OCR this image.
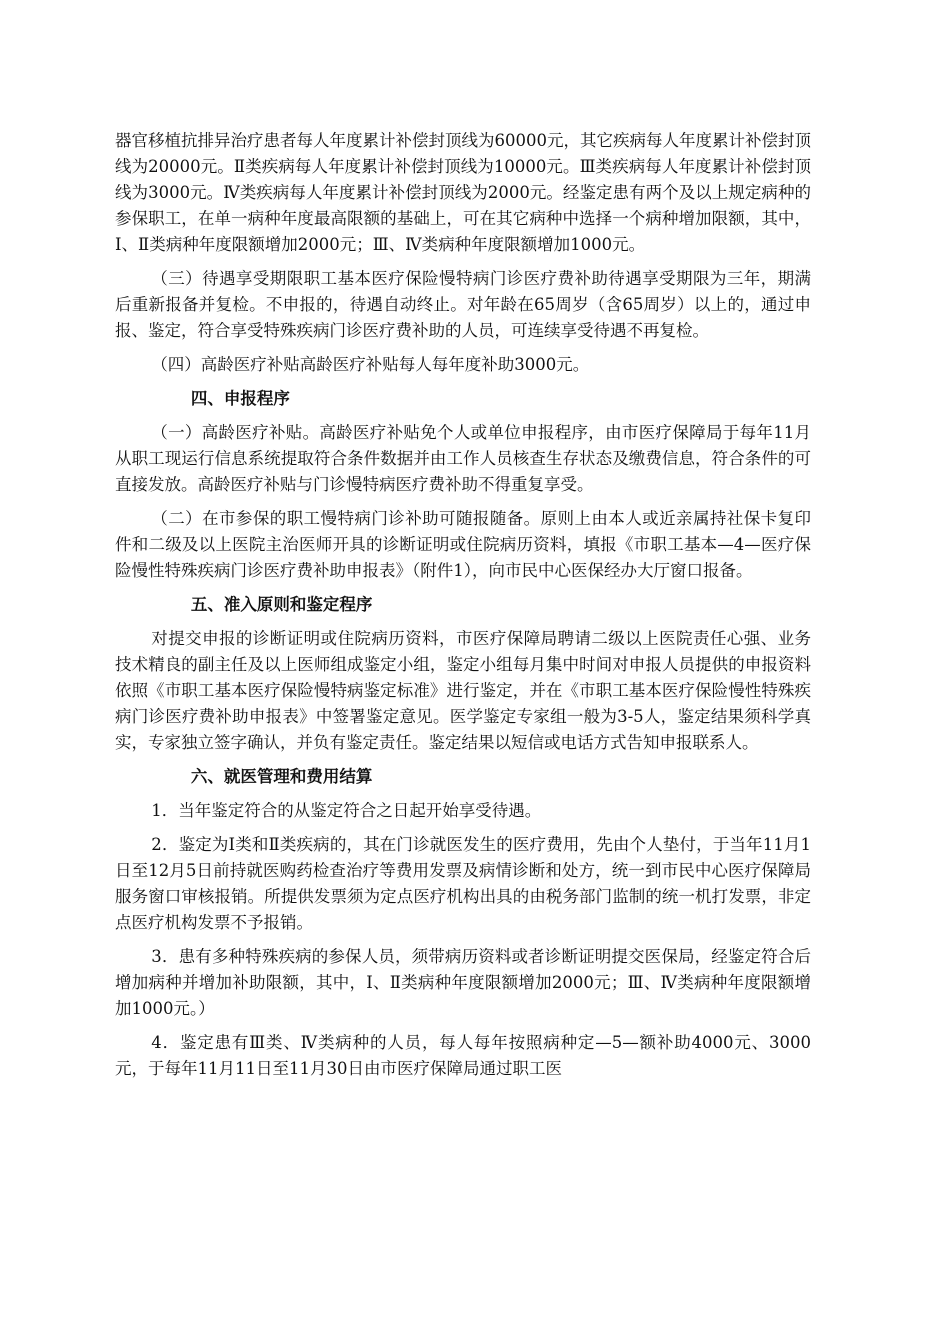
器官移植抗排异治疗患者每人年度累计补偿封顶线为60000元，其它疾病每人年度累计补偿封顶线为20000元。Ⅱ类疾病每人年度累计补偿封顶线为10000元。Ⅲ类疾病每人年度累计补偿封顶线为3000元。Ⅳ类疾病每人年度累计补偿封顶线为2000元。经鉴定患有两个及以上规定病种的参保职工，在单一病种年度最高限额的基础上，可在其它病种中选择一个病种增加限额，其中，Ⅰ、Ⅱ类病种年度限额增加2000元；Ⅲ、Ⅳ类病种年度限额增加1000元。

（三）待遇享受期限职工基本医疗保险慢特病门诊医疗费补助待遇享受期限为三年，期满后重新报备并复检。不申报的，待遇自动终止。对年龄在65周岁（含65周岁）以上的，通过申报、鉴定，符合享受特殊疾病门诊医疗费补助的人员，可连续享受待遇不再复检。

（四）高龄医疗补贴高龄医疗补贴每人每年度补助3000元。

四、申报程序

（一）高龄医疗补贴。高龄医疗补贴免个人或单位申报程序，由市医疗保障局于每年11月从职工现运行信息系统提取符合条件数据并由工作人员核查生存状态及缴费信息，符合条件的可直接发放。高龄医疗补贴与门诊慢特病医疗费补助不得重复享受。

（二）在市参保的职工慢特病门诊补助可随报随备。原则上由本人或近亲属持社保卡复印件和二级及以上医院主治医师开具的诊断证明或住院病历资料，填报《市职工基本—4—医疗保险慢性特殊疾病门诊医疗费补助申报表》（附件1），向市民中心医保经办大厅窗口报备。

五、准入原则和鉴定程序

对提交申报的诊断证明或住院病历资料，市医疗保障局聘请二级以上医院责任心强、业务技术精良的副主任及以上医师组成鉴定小组，鉴定小组每月集中时间对申报人员提供的申报资料依照《市职工基本医疗保险慢特病鉴定标准》进行鉴定，并在《市职工基本医疗保险慢性特殊疾病门诊医疗费补助申报表》中签署鉴定意见。医学鉴定专家组一般为3-5人，鉴定结果须科学真实，专家独立签字确认，并负有鉴定责任。鉴定结果以短信或电话方式告知申报联系人。

六、就医管理和费用结算

1．当年鉴定符合的从鉴定符合之日起开始享受待遇。

2．鉴定为Ⅰ类和Ⅱ类疾病的，其在门诊就医发生的医疗费用，先由个人垫付，于当年11月1日至12月5日前持就医购药检查治疗等费用发票及病情诊断和处方，统一到市民中心医疗保障局服务窗口审核报销。所提供发票须为定点医疗机构出具的由税务部门监制的统一机打发票，非定点医疗机构发票不予报销。

3．患有多种特殊疾病的参保人员，须带病历资料或者诊断证明提交医保局，经鉴定符合后增加病种并增加补助限额，其中，Ⅰ、Ⅱ类病种年度限额增加2000元；Ⅲ、Ⅳ类病种年度限额增加1000元。）

4．鉴定患有Ⅲ类、Ⅳ类病种的人员，每人每年按照病种定—5—额补助4000元、3000元，于每年11月11日至11月30日由市医疗保障局通过职工医
